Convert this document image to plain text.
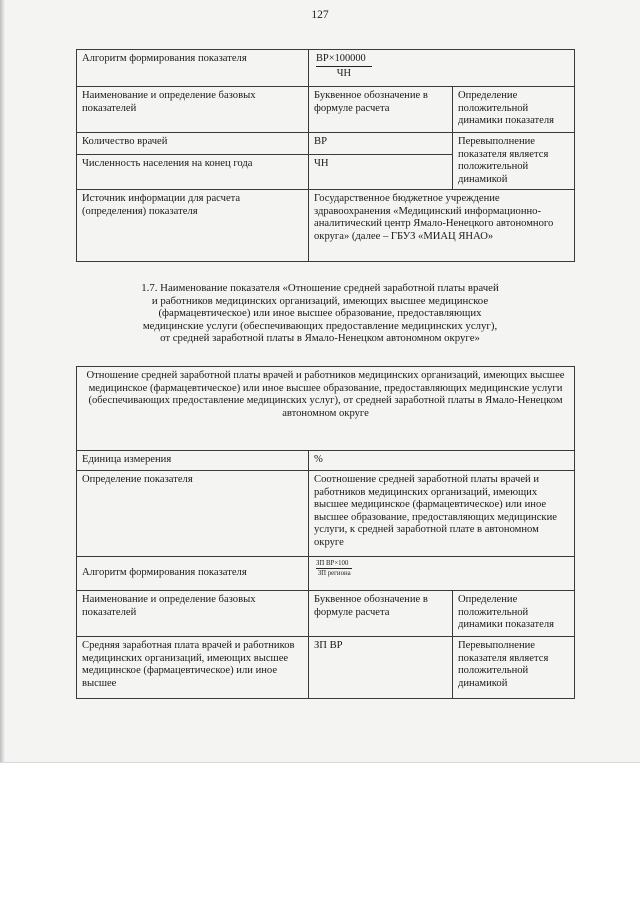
127
Алгоритм формирования показателя	$\frac{ВР\times 100000}{ЧН}$

Наименование и определение базовых показателей	Буквенное обозначение в формуле расчета	Определение положительной динамики показателя
Количество врачей	ВР	Перевыполнение показателя является положительной динамикой
Численность населения на конец года	ЧН	
Источник информации для расчета (определения) показателя	Государственное бюджетное учреждение здравоохранения «Медицинский информационно-аналитический центр Ямало-Ненецкого автономного округа» (далее – ГБУЗ «МИАЦ ЯНАО»	
1.7. Наименование показателя «Отношение средней заработной платы врачей и работников медицинских организаций, имеющих высшее медицинское (фармацевтическое) или иное высшее образование, предоставляющих медицинские услуги (обеспечивающих предоставление медицинских услуг), от средней заработной платы в Ямало-Ненецком автономном округе»
Отношение средней заработной платы врачей и работников медицинских организаций, имеющих высшее медицинское (фармацевтическое) или иное высшее образование, предоставляющих медицинские услуги (обеспечивающих предоставление медицинских услуг), от средней заработной платы в Ямало-Ненецком автономном округе		
Единица измерения	%	
Определение показателя	Соотношение средней заработной платы врачей и работников медицинских организаций, имеющих высшее медицинское (фармацевтическое) или иное высшее образование, предоставляющих медицинские услуги, к средней заработной плате в автономном округе	
Алгоритм формирования показателя	$\frac{\text{ЗП ВР×100}}{\text{ЗП региона}}$

Наименование и определение базовых показателей	Буквенное обозначение в формуле расчета	Определение положительной динамики показателя
Средняя заработная плата врачей и работников медицинских организаций, имеющих высшее медицинское (фармацевтическое) или иное высшее	ЗП ВР	Перевыполнение показателя является положительной динамикой
